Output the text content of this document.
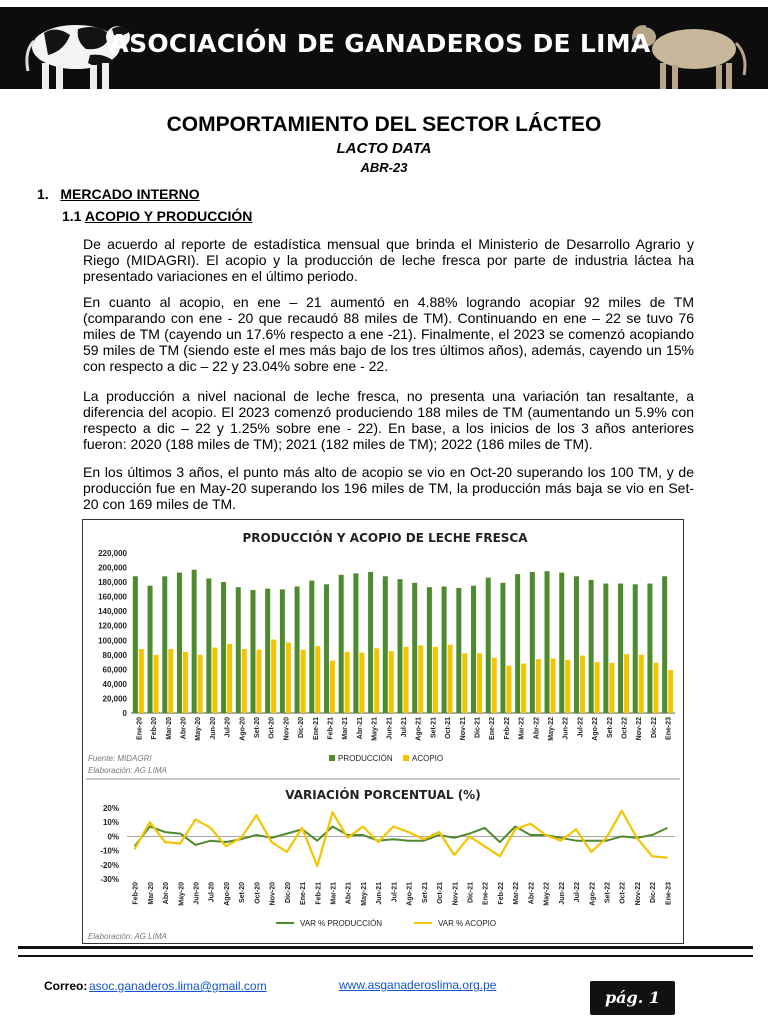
ASOCIACIÓN DE GANADEROS DE LIMA
COMPORTAMIENTO DEL SECTOR LÁCTEO
LACTO DATA
ABR-23
1. MERCADO INTERNO
1.1 ACOPIO Y PRODUCCIÓN

De acuerdo al reporte de estadística mensual que brinda el Ministerio de Desarrollo Agrario y Riego (MIDAGRI). El acopio y la producción de leche fresca por parte de industria láctea ha presentado variaciones en el último periodo.

En cuanto al acopio, en ene – 21 aumentó en 4.88% logrando acopiar 92 miles de TM (comparando con ene - 20 que recaudó 88 miles de TM). Continuando en ene – 22 se tuvo 76 miles de TM (cayendo un 17.6% respecto a ene -21). Finalmente, el 2023 se comenzó acopiando 59 miles de TM (siendo este el mes más bajo de los tres últimos años), además, cayendo un 15% con respecto a dic – 22 y 23.04% sobre ene - 22.

La producción a nivel nacional de leche fresca, no presenta una variación tan resaltante, a diferencia del acopio. El 2023 comenzó produciendo 188 miles de TM (aumentando un 5.9% con respecto a dic – 22 y 1.25% sobre ene - 22). En base, a los inicios de los 3 años anteriores fueron: 2020 (188 miles de TM); 2021 (182 miles de TM); 2022 (186 miles de TM).

En los últimos 3 años, el punto más alto de acopio se vio en Oct-20 superando los 100 TM, y de producción fue en May-20 superando los 196 miles de TM, la producción más baja se vio en Set-20 con 169 miles de TM.

PRODUCCIÓN Y ACOPIO DE LECHE FRESCA
Fuente: MIDAGRI
Elaboración: AG LIMA
VARIACIÓN PORCENTUAL (%)
Elaboración: AG LIMA
0
20,000
40,000
60,000
80,000
100,000
120,000
140,000
160,000
180,000
200,000
220,000
Ene-20 Feb-20 Mar-20 Abr-20 May-20 Jun-20 Jul-20 Ago-20 Set-20 Oct-20 Nov-20 Dic-20 Ene-21 Feb-21 Mar-21 Abr-21 May-21 Jun-21 Jul-21 Ago-21 Set-21 Oct-21 Nov-21 Dic-21 Ene-22 Feb-22 Mar-22 Abr-22 May-22 Jun-22 Jul-22 Ago-22 Set-22 Oct-22 Nov-22 Dic-22 Ene-23
PRODUCCIÓN ACOPIO
20%
10%
0%
-10%
-20%
-30%
Feb-20 Mar-20 Abr-20 May-20 Jun-20 Jul-20 Ago-20 Set-20 Oct-20 Nov-20 Dic-20 Ene-21 Feb-21 Mar-21 Abr-21 May-21 Jun-21 Jul-21 Ago-21 Set-21 Oct-21 Nov-21 Dic-21 Ene-22 Feb-22 Mar-22 Abr-22 May-22 Jun-22 Jul-22 Ago-22 Set-22 Oct-22 Nov-22 Dic-22 Ene-23
VAR % PRODUCCIÓN	VAR % ACOPIO
Correo: asoc.ganaderos.lima@gmail.com	www.asganaderoslima.org.pe
pág. 1
